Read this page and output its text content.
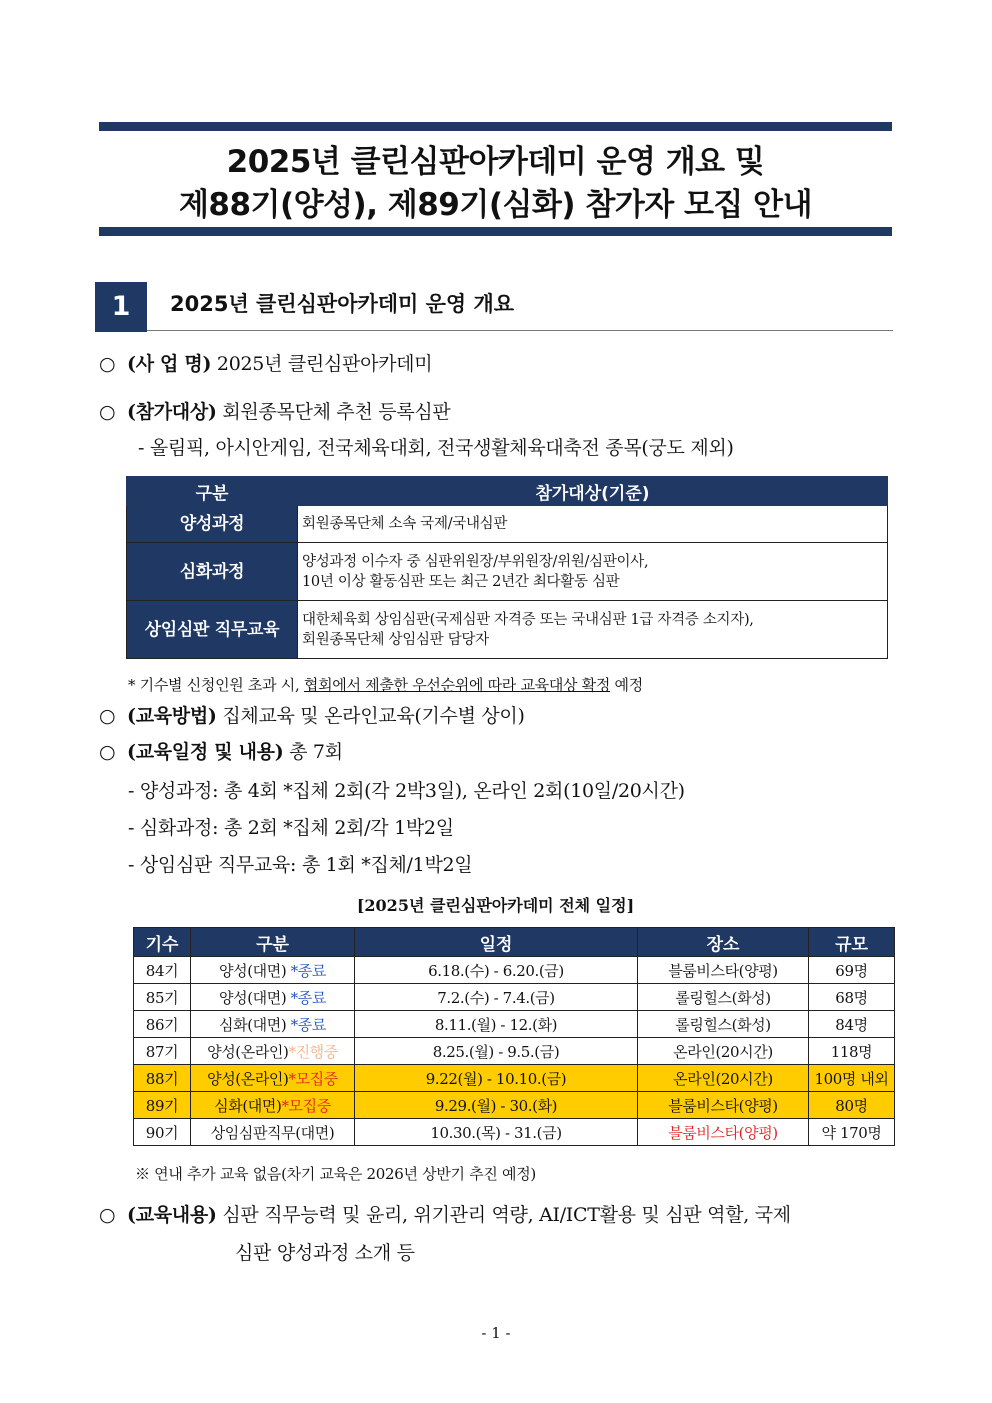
2025년 클린심판아카데미 운영 개요 및
제88기(양성), 제89기(심화) 참가자 모집 안내
1	2025년 클린심판아카데미 운영 개요
○ (사 업 명) 2025년 클린심판아카데미
○ (참가대상) 회원종목단체 추천 등록심판
- 올림픽, 아시안게임, 전국체육대회, 전국생활체육대축전 종목(궁도 제외)
구분	참가대상(기준)
양성과정	회원종목단체 소속 국제/국내심판
심화과정	양성과정 이수자 중 심판위원장/부위원장/위원/심판이사,
10년 이상 활동심판 또는 최근 2년간 최다활동 심판
상임심판 직무교육	대한체육회 상임심판(국제심판 자격증 또는 국내심판 1급 자격증 소지자),
회원종목단체 상임심판 담당자
* 기수별 신청인원 초과 시, 협회에서 제출한 우선순위에 따라 교육대상 확정 예정
○ (교육방법) 집체교육 및 온라인교육(기수별 상이)
○ (교육일정 및 내용) 총 7회
- 양성과정: 총 4회 *집체 2회(각 2박3일), 온라인 2회(10일/20시간)
- 심화과정: 총 2회 *집체 2회/각 1박2일
- 상임심판 직무교육: 총 1회 *집체/1박2일
[2025년 클린심판아카데미 전체 일정]
기수	구분	일정	장소	규모
84기	양성(대면) *종료	6.18.(수) - 6.20.(금)	블룸비스타(양평)	69명
85기	양성(대면) *종료	7.2.(수) - 7.4.(금)	롤링힐스(화성)	68명
86기	심화(대면) *종료	8.11.(월) - 12.(화)	롤링힐스(화성)	84명
87기	양성(온라인)*진행중	8.25.(월) - 9.5.(금)	온라인(20시간)	118명
88기	양성(온라인)*모집중	9.22(월) - 10.10.(금)	온라인(20시간)	100명 내외
89기	심화(대면)*모집중	9.29.(월) - 30.(화)	블룸비스타(양평)	80명
90기	상임심판직무(대면)	10.30.(목) - 31.(금)	블룸비스타(양평)	약 170명
※ 연내 추가 교육 없음(차기 교육은 2026년 상반기 추진 예정)
○ (교육내용) 심판 직무능력 및 윤리, 위기관리 역량, AI/ICT활용 및 심판 역할, 국제
심판 양성과정 소개 등
- 1 -
